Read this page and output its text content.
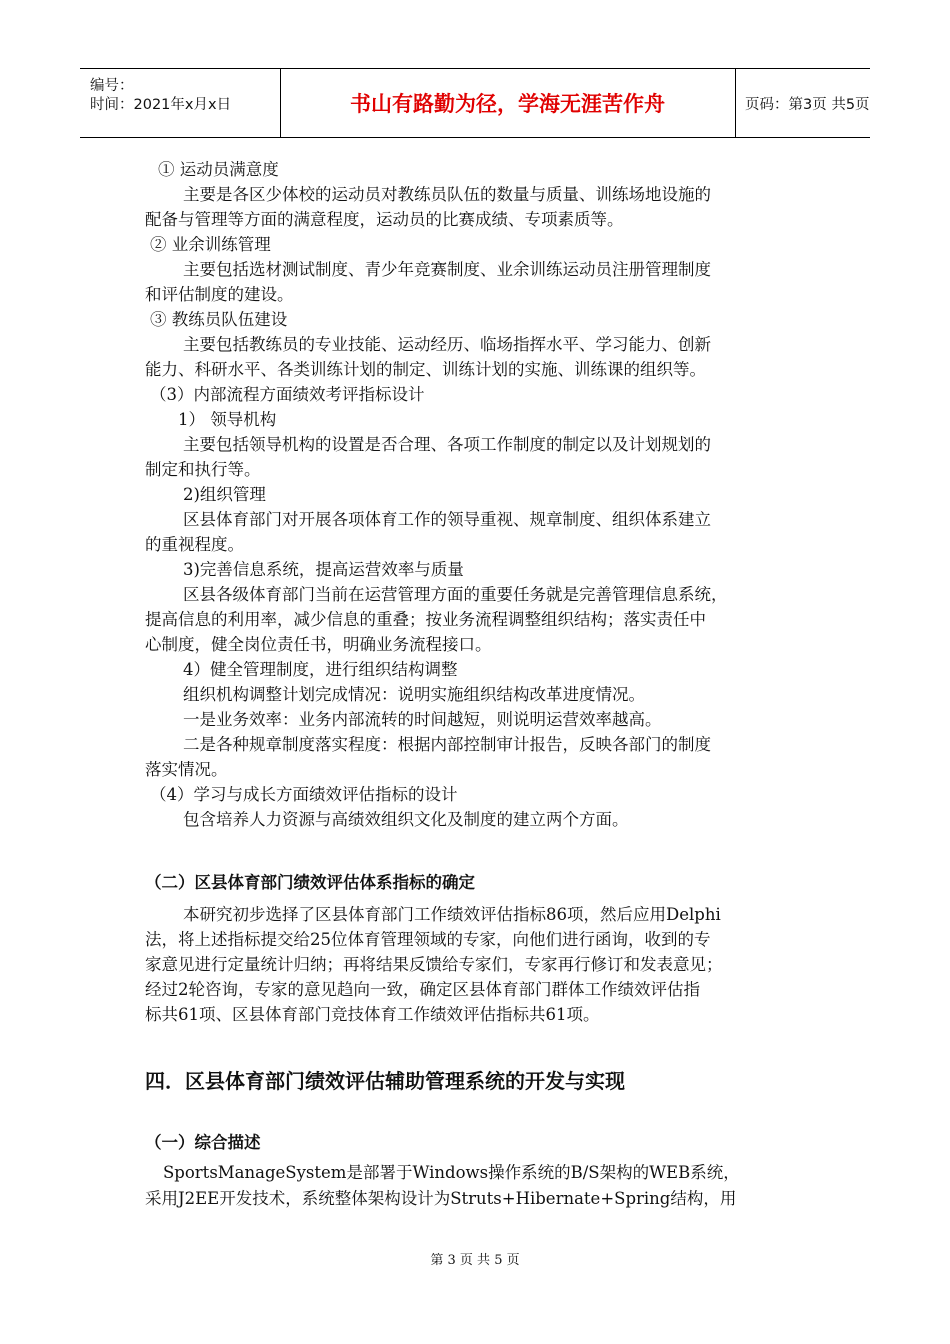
编号：
时间：2021年x月x日	书山有路勤为径，学海无涯苦作舟	页码：第3页 共5页
① 运动员满意度
主要是各区少体校的运动员对教练员队伍的数量与质量、训练场地设施的
配备与管理等方面的满意程度，运动员的比赛成绩、专项素质等。
② 业余训练管理
主要包括选材测试制度、青少年竞赛制度、业余训练运动员注册管理制度
和评估制度的建设。
③ 教练员队伍建设
主要包括教练员的专业技能、运动经历、临场指挥水平、学习能力、创新
能力、科研水平、各类训练计划的制定、训练计划的实施、训练课的组织等。
（3）内部流程方面绩效考评指标设计
1） 领导机构
主要包括领导机构的设置是否合理、各项工作制度的制定以及计划规划的
制定和执行等。
2)组织管理
区县体育部门对开展各项体育工作的领导重视、规章制度、组织体系建立
的重视程度。
3)完善信息系统，提高运营效率与质量
区县各级体育部门当前在运营管理方面的重要任务就是完善管理信息系统，
提高信息的利用率，减少信息的重叠；按业务流程调整组织结构；落实责任中
心制度，健全岗位责任书，明确业务流程接口。
4）健全管理制度，进行组织结构调整
组织机构调整计划完成情况：说明实施组织结构改革进度情况。
一是业务效率：业务内部流转的时间越短，则说明运营效率越高。
二是各种规章制度落实程度：根据内部控制审计报告，反映各部门的制度
落实情况。
（4）学习与成长方面绩效评估指标的设计
包含培养人力资源与高绩效组织文化及制度的建立两个方面。
（二）区县体育部门绩效评估体系指标的确定
本研究初步选择了区县体育部门工作绩效评估指标86项，然后应用Delphi
法，将上述指标提交给25位体育管理领域的专家，向他们进行函询，收到的专
家意见进行定量统计归纳；再将结果反馈给专家们，专家再行修订和发表意见；
经过2轮咨询，专家的意见趋向一致，确定区县体育部门群体工作绩效评估指
标共61项、区县体育部门竞技体育工作绩效评估指标共61项。
四．区县体育部门绩效评估辅助管理系统的开发与实现
（一）综合描述
SportsManageSystem是部署于Windows操作系统的B/S架构的WEB系统，
采用J2EE开发技术，系统整体架构设计为Struts+Hibernate+Spring结构，用
第 3 页 共 5 页
